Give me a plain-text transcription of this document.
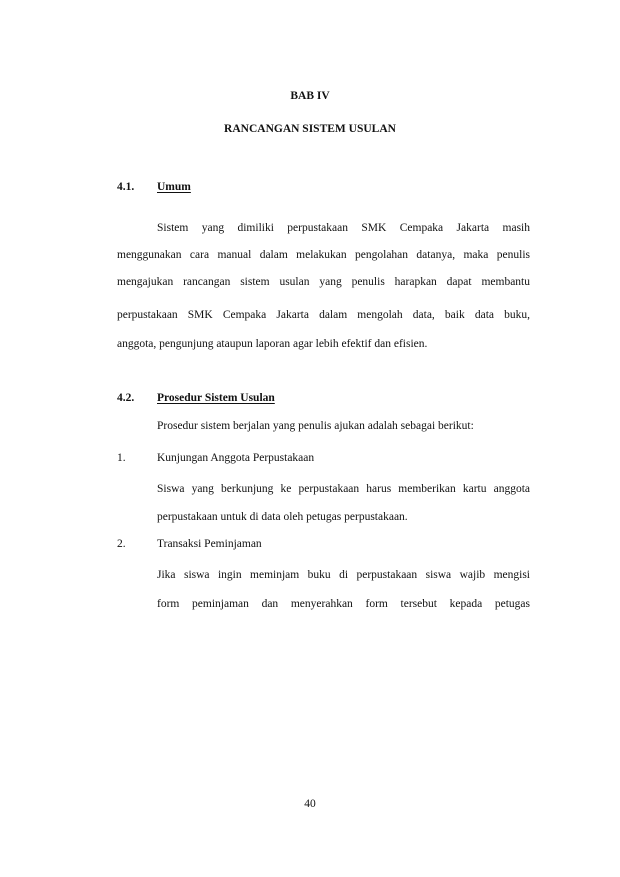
BAB IV
RANCANGAN SISTEM USULAN
4.1. Umum
Sistem yang dimiliki perpustakaan SMK Cempaka Jakarta masih
menggunakan cara manual dalam melakukan pengolahan datanya, maka penulis
mengajukan rancangan sistem usulan yang penulis harapkan dapat membantu
perpustakaan SMK Cempaka Jakarta dalam mengolah data, baik data buku,
anggota, pengunjung ataupun laporan agar lebih efektif dan efisien.
4.2. Prosedur Sistem Usulan
Prosedur sistem berjalan yang penulis ajukan adalah sebagai berikut:
1.	Kunjungan Anggota Perpustakaan
Siswa yang berkunjung ke perpustakaan harus memberikan kartu anggota
perpustakaan untuk di data oleh petugas perpustakaan.
2.	Transaksi Peminjaman
Jika siswa ingin meminjam buku di perpustakaan siswa wajib mengisi
form peminjaman dan menyerahkan form tersebut kepada petugas
40
